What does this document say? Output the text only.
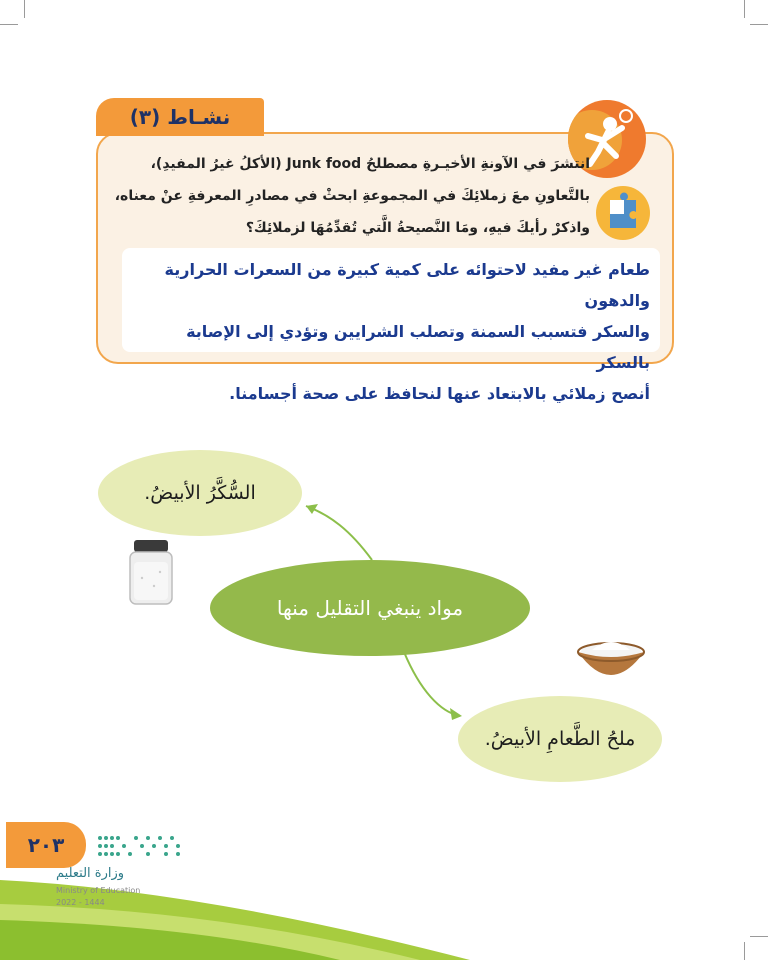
نشـاط (٣)
انتشرَ في الآونةِ الأخيـرةِ مصطلحُ Junk food (الأكلُ غيرُ المفيدِ)،
بالتَّعاونِ معَ زملائِكَ في المجموعةِ ابحثْ في مصادرِ المعرفةِ عنْ معناه،
واذكرْ رأيكَ فيهِ، ومَا النَّصيحةُ الَّتي تُقدِّمُهَا لزملائِكَ؟
طعام غير مفيد لاحتوائه على كمية كبيرة من السعرات الحرارية والدهون
والسكر فتسبب السمنة وتصلب الشرايين وتؤدي إلى الإصابة بالسكر
أنصح زملائي بالابتعاد عنها لنحافظ على صحة أجسامنا.
السُّكَّرُ الأبيضُ.
مواد ينبغي التقليل منها
ملحُ الطَّعامِ الأبيضُ.
٢٠٣
وزارة التعليم
Ministry of Education
2022 - 1444
